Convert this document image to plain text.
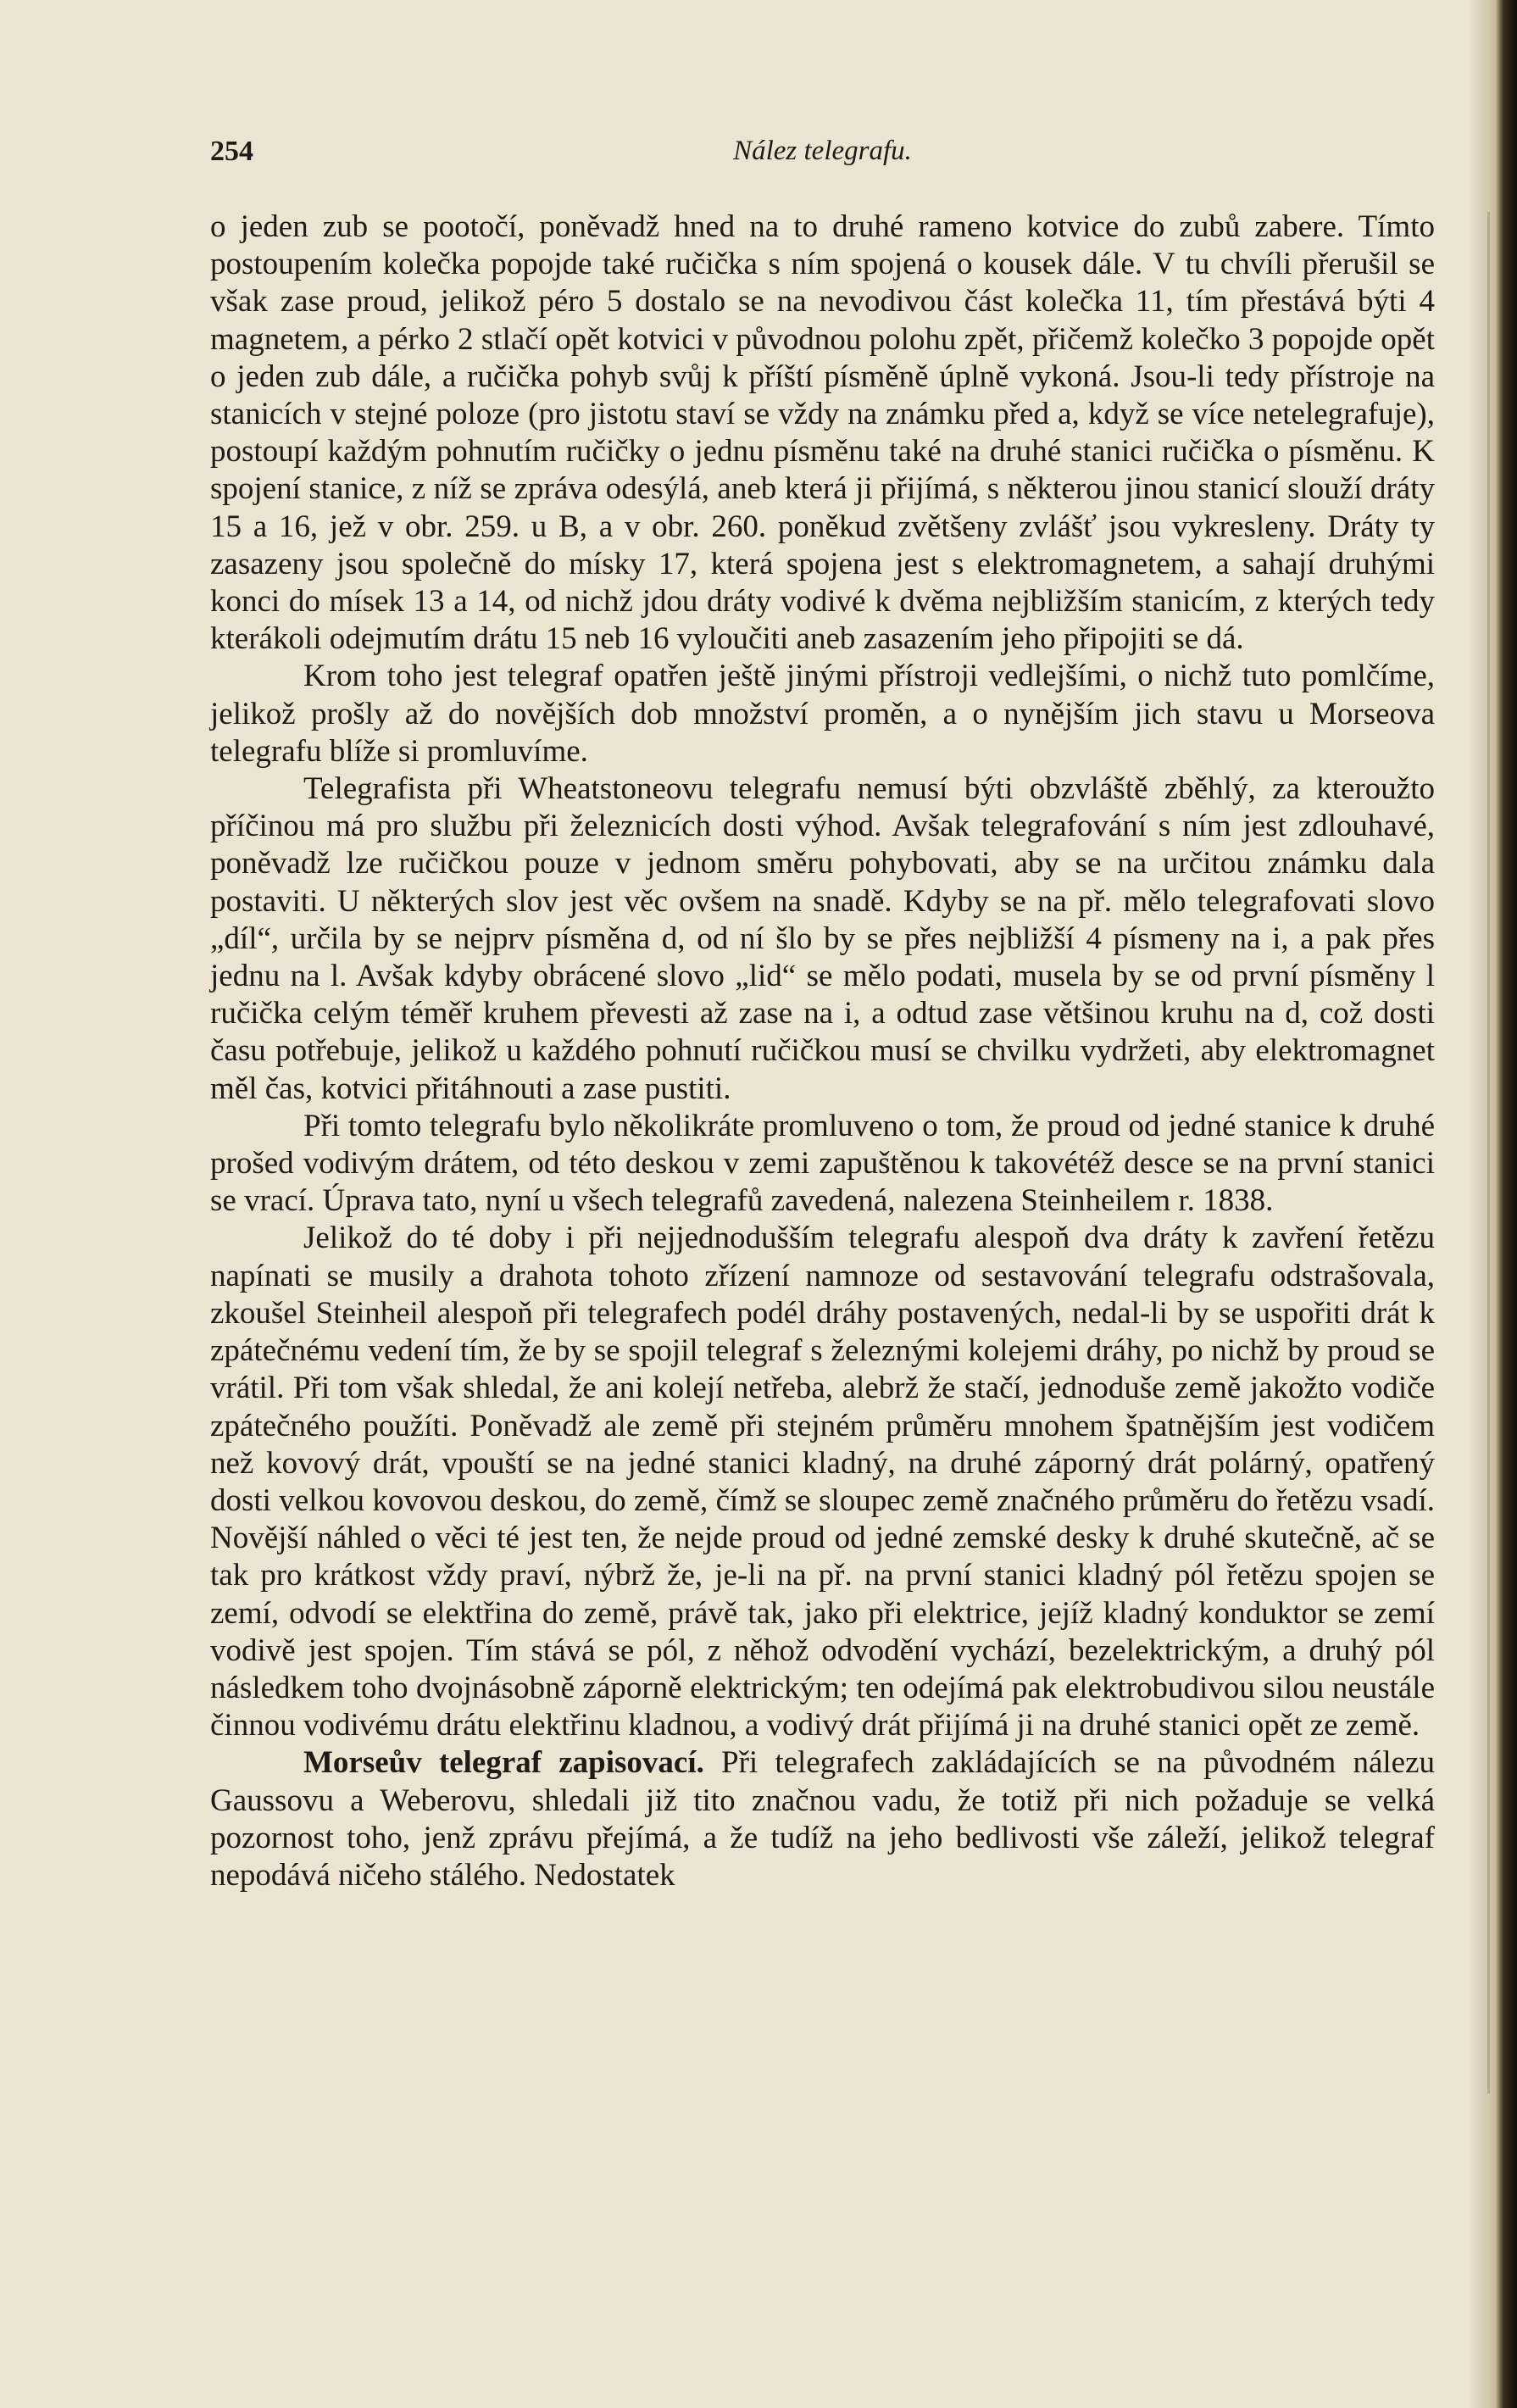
254	Nález telegrafu.

o jeden zub se pootočí, poněvadž hned na to druhé rameno kotvice do zubů zabere. Tímto postoupením kolečka popojde také ručička s ním spojená o kousek dále. V tu chvíli přerušil se však zase proud, jelikož péro 5 dostalo se na nevodivou část kolečka 11, tím přestává býti 4 magnetem, a pérko 2 stlačí opět kotvici v původnou polohu zpět, přičemž kolečko 3 popojde opět o jeden zub dále, a ručička pohyb svůj k příští písměně úplně vykoná. Jsou-li tedy přístroje na stanicích v stejné poloze (pro jistotu staví se vždy na známku před a, když se více netelegrafuje), postoupí každým pohnutím ručičky o jednu písměnu také na druhé stanici ručička o písměnu. K spojení stanice, z níž se zpráva odesýlá, aneb která ji přijímá, s některou jinou stanicí slouží dráty 15 a 16, jež v obr. 259. u B, a v obr. 260. poněkud zvětšeny zvlášť jsou vykresleny. Dráty ty zasazeny jsou společně do mísky 17, která spojena jest s elektromagnetem, a sahají druhými konci do mísek 13 a 14, od nichž jdou dráty vodivé k dvěma nejbližším stanicím, z kterých tedy kterákoli odejmutím drátu 15 neb 16 vyloučiti aneb zasazením jeho připojiti se dá.

Krom toho jest telegraf opatřen ještě jinými přístroji vedlejšími, o nichž tuto pomlčíme, jelikož prošly až do novějších dob množství proměn, a o nynějším jich stavu u Morseova telegrafu blíže si promluvíme.

Telegrafista při Wheatstoneovu telegrafu nemusí býti obzvláště zběhlý, za kteroužto příčinou má pro službu při železnicích dosti výhod. Avšak telegrafování s ním jest zdlouhavé, poněvadž lze ručičkou pouze v jednom směru pohybovati, aby se na určitou známku dala postaviti. U některých slov jest věc ovšem na snadě. Kdyby se na př. mělo telegrafovati slovo „díl“, určila by se nejprv písměna d, od ní šlo by se přes nejbližší 4 písmeny na i, a pak přes jednu na l. Avšak kdyby obrácené slovo „lid“ se mělo podati, musela by se od první písměny l ručička celým téměř kruhem převesti až zase na i, a odtud zase většinou kruhu na d, což dosti času potřebuje, jelikož u každého pohnutí ručičkou musí se chvilku vydržeti, aby elektromagnet měl čas, kotvici přitáhnouti a zase pustiti.

Při tomto telegrafu bylo několikráte promluveno o tom, že proud od jedné stanice k druhé prošed vodivým drátem, od této deskou v zemi zapuštěnou k takovétéž desce se na první stanici se vrací. Úprava tato, nyní u všech telegrafů zavedená, nalezena Steinheilem r. 1838.

Jelikož do té doby i při nejjednodušším telegrafu alespoň dva dráty k zavření řetězu napínati se musily a drahota tohoto zřízení namnoze od sestavování telegrafu odstrašovala, zkoušel Steinheil alespoň při telegrafech podél dráhy postavených, nedal-li by se uspořiti drát k zpátečnému vedení tím, že by se spojil telegraf s železnými kolejemi dráhy, po nichž by proud se vrátil. Při tom však shledal, že ani kolejí netřeba, alebrž že stačí, jednoduše země jakožto vodiče zpátečného použíti. Poněvadž ale země při stejném průměru mnohem špatnějším jest vodičem než kovový drát, vpouští se na jedné stanici kladný, na druhé záporný drát polárný, opatřený dosti velkou kovovou deskou, do země, čímž se sloupec země značného průměru do řetězu vsadí. Novější náhled o věci té jest ten, že nejde proud od jedné zemské desky k druhé skutečně, ač se tak pro krátkost vždy praví, nýbrž že, je-li na př. na první stanici kladný pól řetězu spojen se zemí, odvodí se elektřina do země, právě tak, jako při elektrice, jejíž kladný konduktor se zemí vodivě jest spojen. Tím stává se pól, z něhož odvodění vychází, bezelektrickým, a druhý pól následkem toho dvojnásobně záporně elektrickým; ten odejímá pak elektrobudivou silou neustále činnou vodivému drátu elektřinu kladnou, a vodivý drát přijímá ji na druhé stanici opět ze země.

Morseův telegraf zapisovací. Při telegrafech zakládajících se na původném nálezu Gaussovu a Weberovu, shledali již tito značnou vadu, že totiž při nich požaduje se velká pozornost toho, jenž zprávu přejímá, a že tudíž na jeho bedlivosti vše záleží, jelikož telegraf nepodává ničeho stálého. Nedostatek
